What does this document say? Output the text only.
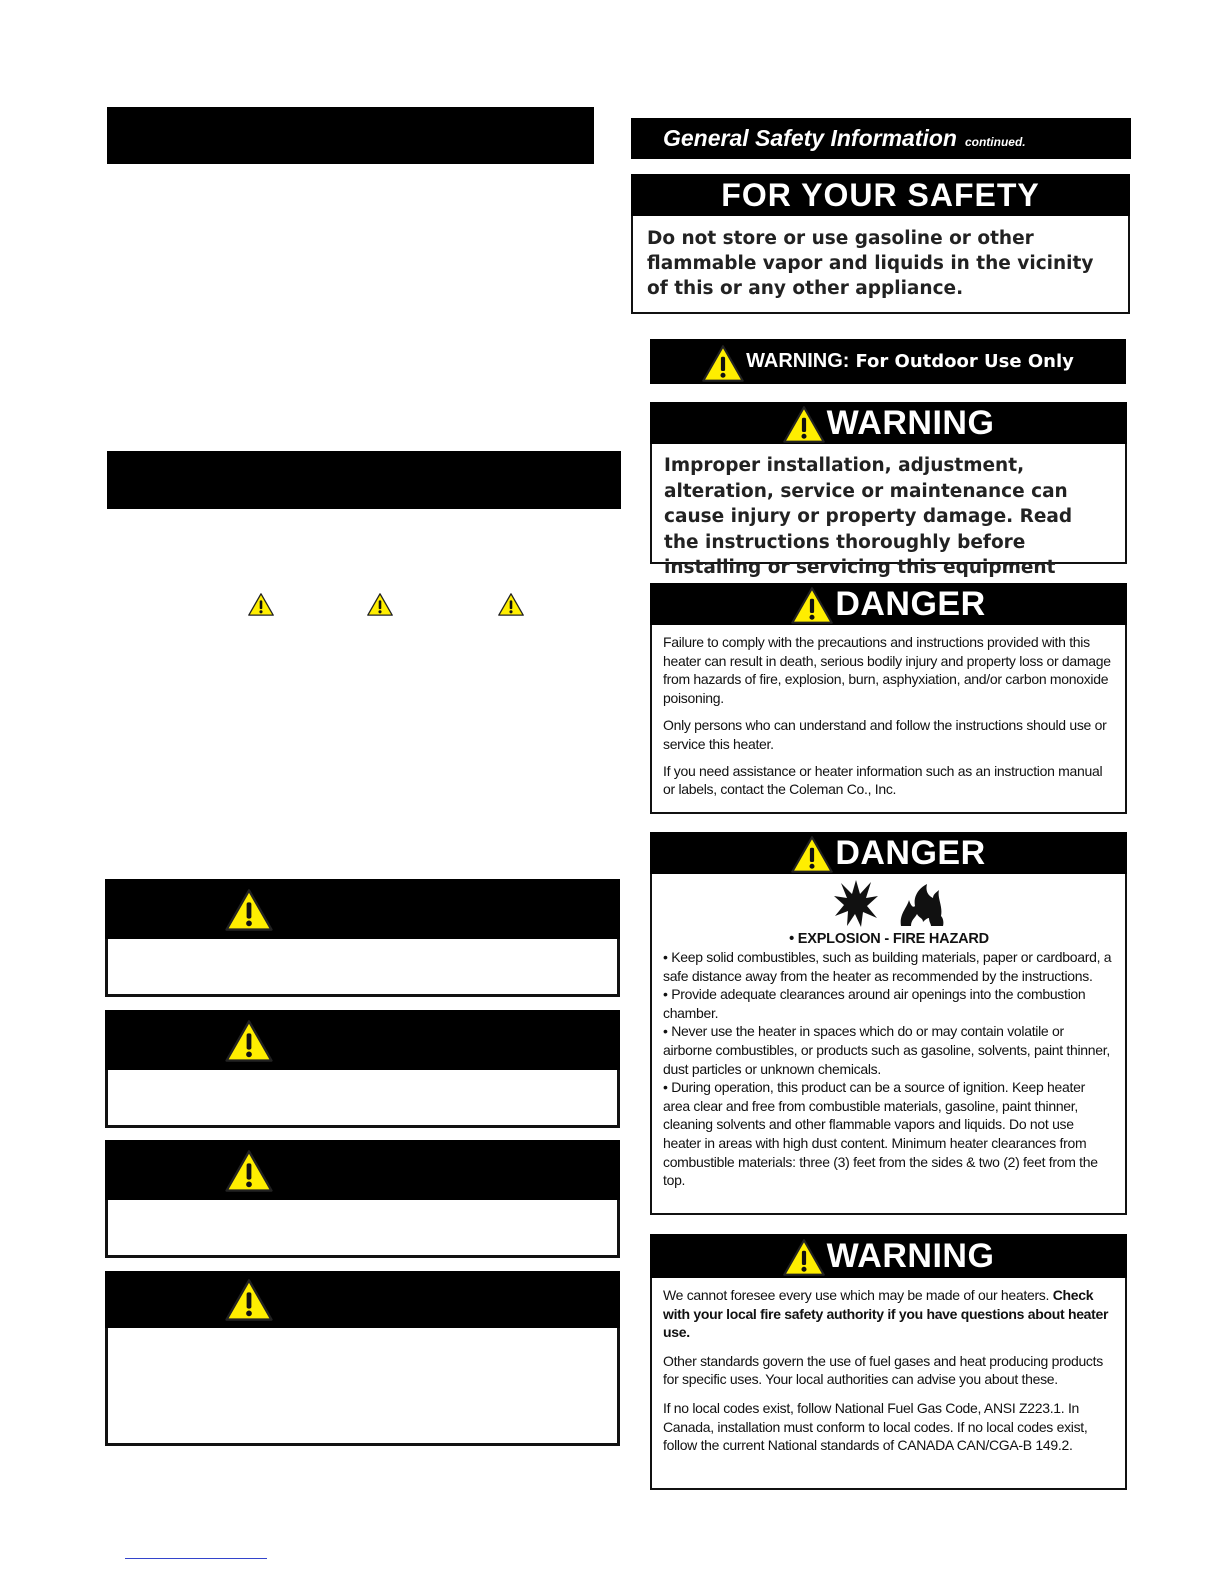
General Safety Information continued.
FOR YOUR SAFETY

Do not store or use gasoline or other flammable vapor and liquids in the vicinity of this or any other appliance.

WARNING: For Outdoor Use Only
WARNING

Improper installation, adjustment, alteration, service or maintenance can cause injury or property damage. Read the instructions thoroughly before installing or servicing this equipment

DANGER

Failure to comply with the precautions and instructions provided with this heater can result in death, serious bodily injury and property loss or damage from hazards of fire, explosion, burn, asphyxiation, and/or carbon monoxide poisoning.

Only persons who can understand and follow the instructions should use or service this heater.

If you need assistance or heater information such as an instruction manual or labels, contact the Coleman Co., Inc.

DANGER

• EXPLOSION - FIRE HAZARD

• Keep solid combustibles, such as building materials, paper or cardboard, a safe distance away from the heater as recommended by the instructions.

• Provide adequate clearances around air openings into the combustion chamber.

• Never use the heater in spaces which do or may contain volatile or airborne combustibles, or products such as gasoline, solvents, paint thinner, dust particles or unknown chemicals.

• During operation, this product can be a source of ignition. Keep heater area clear and free from combustible materials, gasoline, paint thinner, cleaning solvents and other flammable vapors and liquids. Do not use heater in areas with high dust content. Minimum heater clearances from combustible materials: three (3) feet from the sides & two (2) feet from the top.

WARNING

We cannot foresee every use which may be made of our heaters. Check with your local fire safety authority if you have questions about heater use.

Other standards govern the use of fuel gases and heat producing products for specific uses. Your local authorities can advise you about these.

If no local codes exist, follow National Fuel Gas Code, ANSI Z223.1. In Canada, installation must conform to local codes. If no local codes exist, follow the current National standards of CANADA CAN/CGA-B 149.2.
